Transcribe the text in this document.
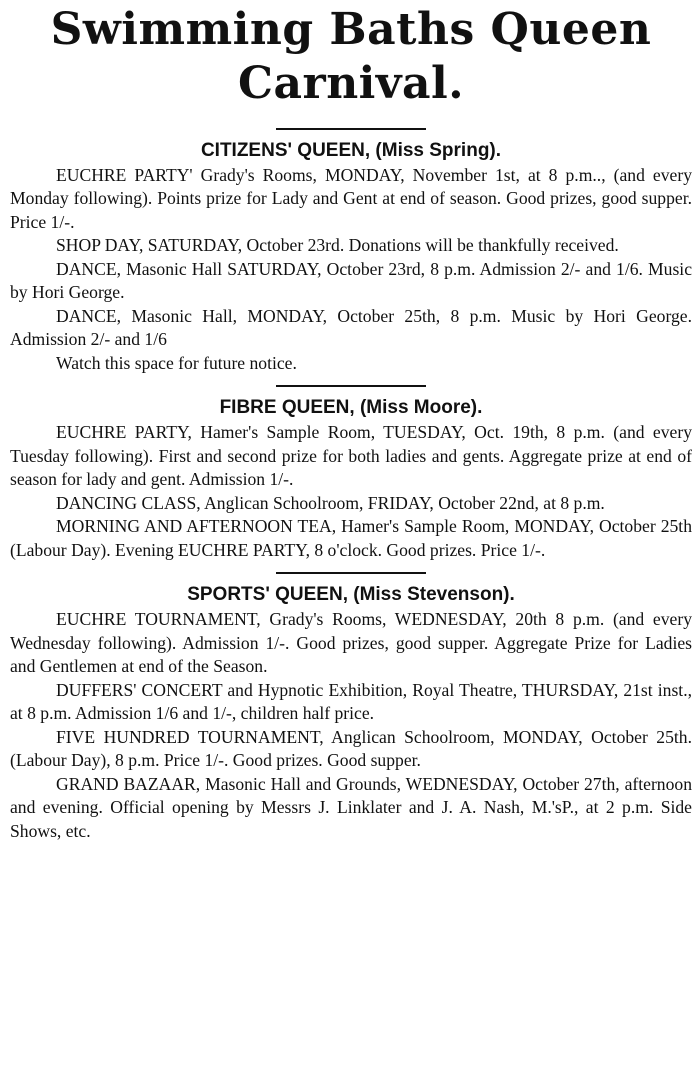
Swimming Baths Queen
Carnival.
CITIZENS' QUEEN, (Miss Spring).

EUCHRE PARTY' Grady's Rooms, MONDAY, November 1st, at 8 p.m.., (and every Monday following). Points prize for Lady and Gent at end of season. Good prizes, good supper. Price 1/-.

SHOP DAY, SATURDAY, October 23rd. Donations will be thankfully received.

DANCE, Masonic Hall SATURDAY, October 23rd, 8 p.m. Admission 2/- and 1/6. Music by Hori George.

DANCE, Masonic Hall, MONDAY, October 25th, 8 p.m. Music by Hori George. Admission 2/- and 1/6

Watch this space for future notice.

FIBRE QUEEN, (Miss Moore).

EUCHRE PARTY, Hamer's Sample Room, TUESDAY, Oct. 19th, 8 p.m. (and every Tuesday following). First and second prize for both ladies and gents. Aggregate prize at end of season for lady and gent. Admission 1/-.

DANCING CLASS, Anglican Schoolroom, FRIDAY, October 22nd, at 8 p.m.

MORNING AND AFTERNOON TEA, Hamer's Sample Room, MONDAY, October 25th (Labour Day). Evening EUCHRE PARTY, 8 o'clock. Good prizes. Price 1/-.

SPORTS' QUEEN, (Miss Stevenson).

EUCHRE TOURNAMENT, Grady's Rooms, WEDNESDAY, 20th 8 p.m. (and every Wednesday following). Admission 1/-. Good prizes, good supper. Aggregate Prize for Ladies and Gentlemen at end of the Season.

DUFFERS' CONCERT and Hypnotic Exhibition, Royal Theatre, THURSDAY, 21st inst., at 8 p.m. Admission 1/6 and 1/-, children half price.

FIVE HUNDRED TOURNAMENT, Anglican Schoolroom, MONDAY, October 25th. (Labour Day), 8 p.m. Price 1/-. Good prizes. Good supper.

GRAND BAZAAR, Masonic Hall and Grounds, WEDNESDAY, October 27th, afternoon and evening. Official opening by Messrs J. Linklater and J. A. Nash, M.'sP., at 2 p.m. Side Shows, etc.
